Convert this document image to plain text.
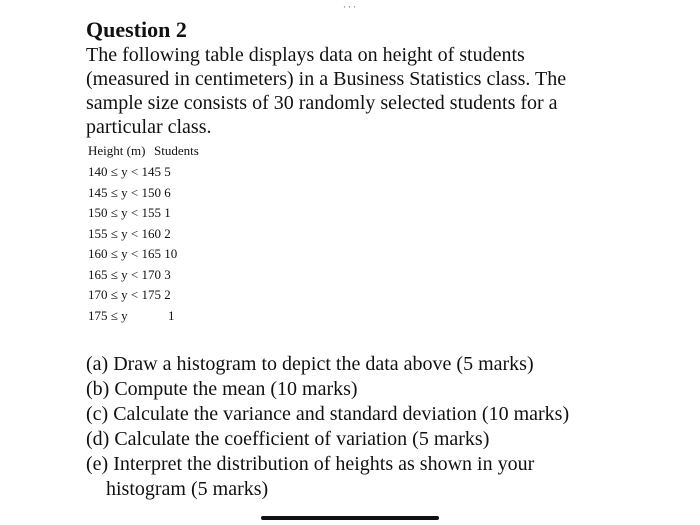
···
Question 2

The following table displays data on height of students
(measured in centimeters) in a Business Statistics class. The
sample size consists of 30 randomly selected students for a
particular class.

Height (m) Students
140 ≤ y < 145 5
145 ≤ y < 150 6
150 ≤ y < 155 1
155 ≤ y < 160 2
160 ≤ y < 165 10
165 ≤ y < 170 3
170 ≤ y < 175 2
175 ≤ y	1
(a) Draw a histogram to depict the data above (5 marks)
(b) Compute the mean (10 marks)
(c) Calculate the variance and standard deviation (10 marks)
(d) Calculate the coefficient of variation (5 marks)
(e) Interpret the distribution of heights as shown in your
histogram (5 marks)
